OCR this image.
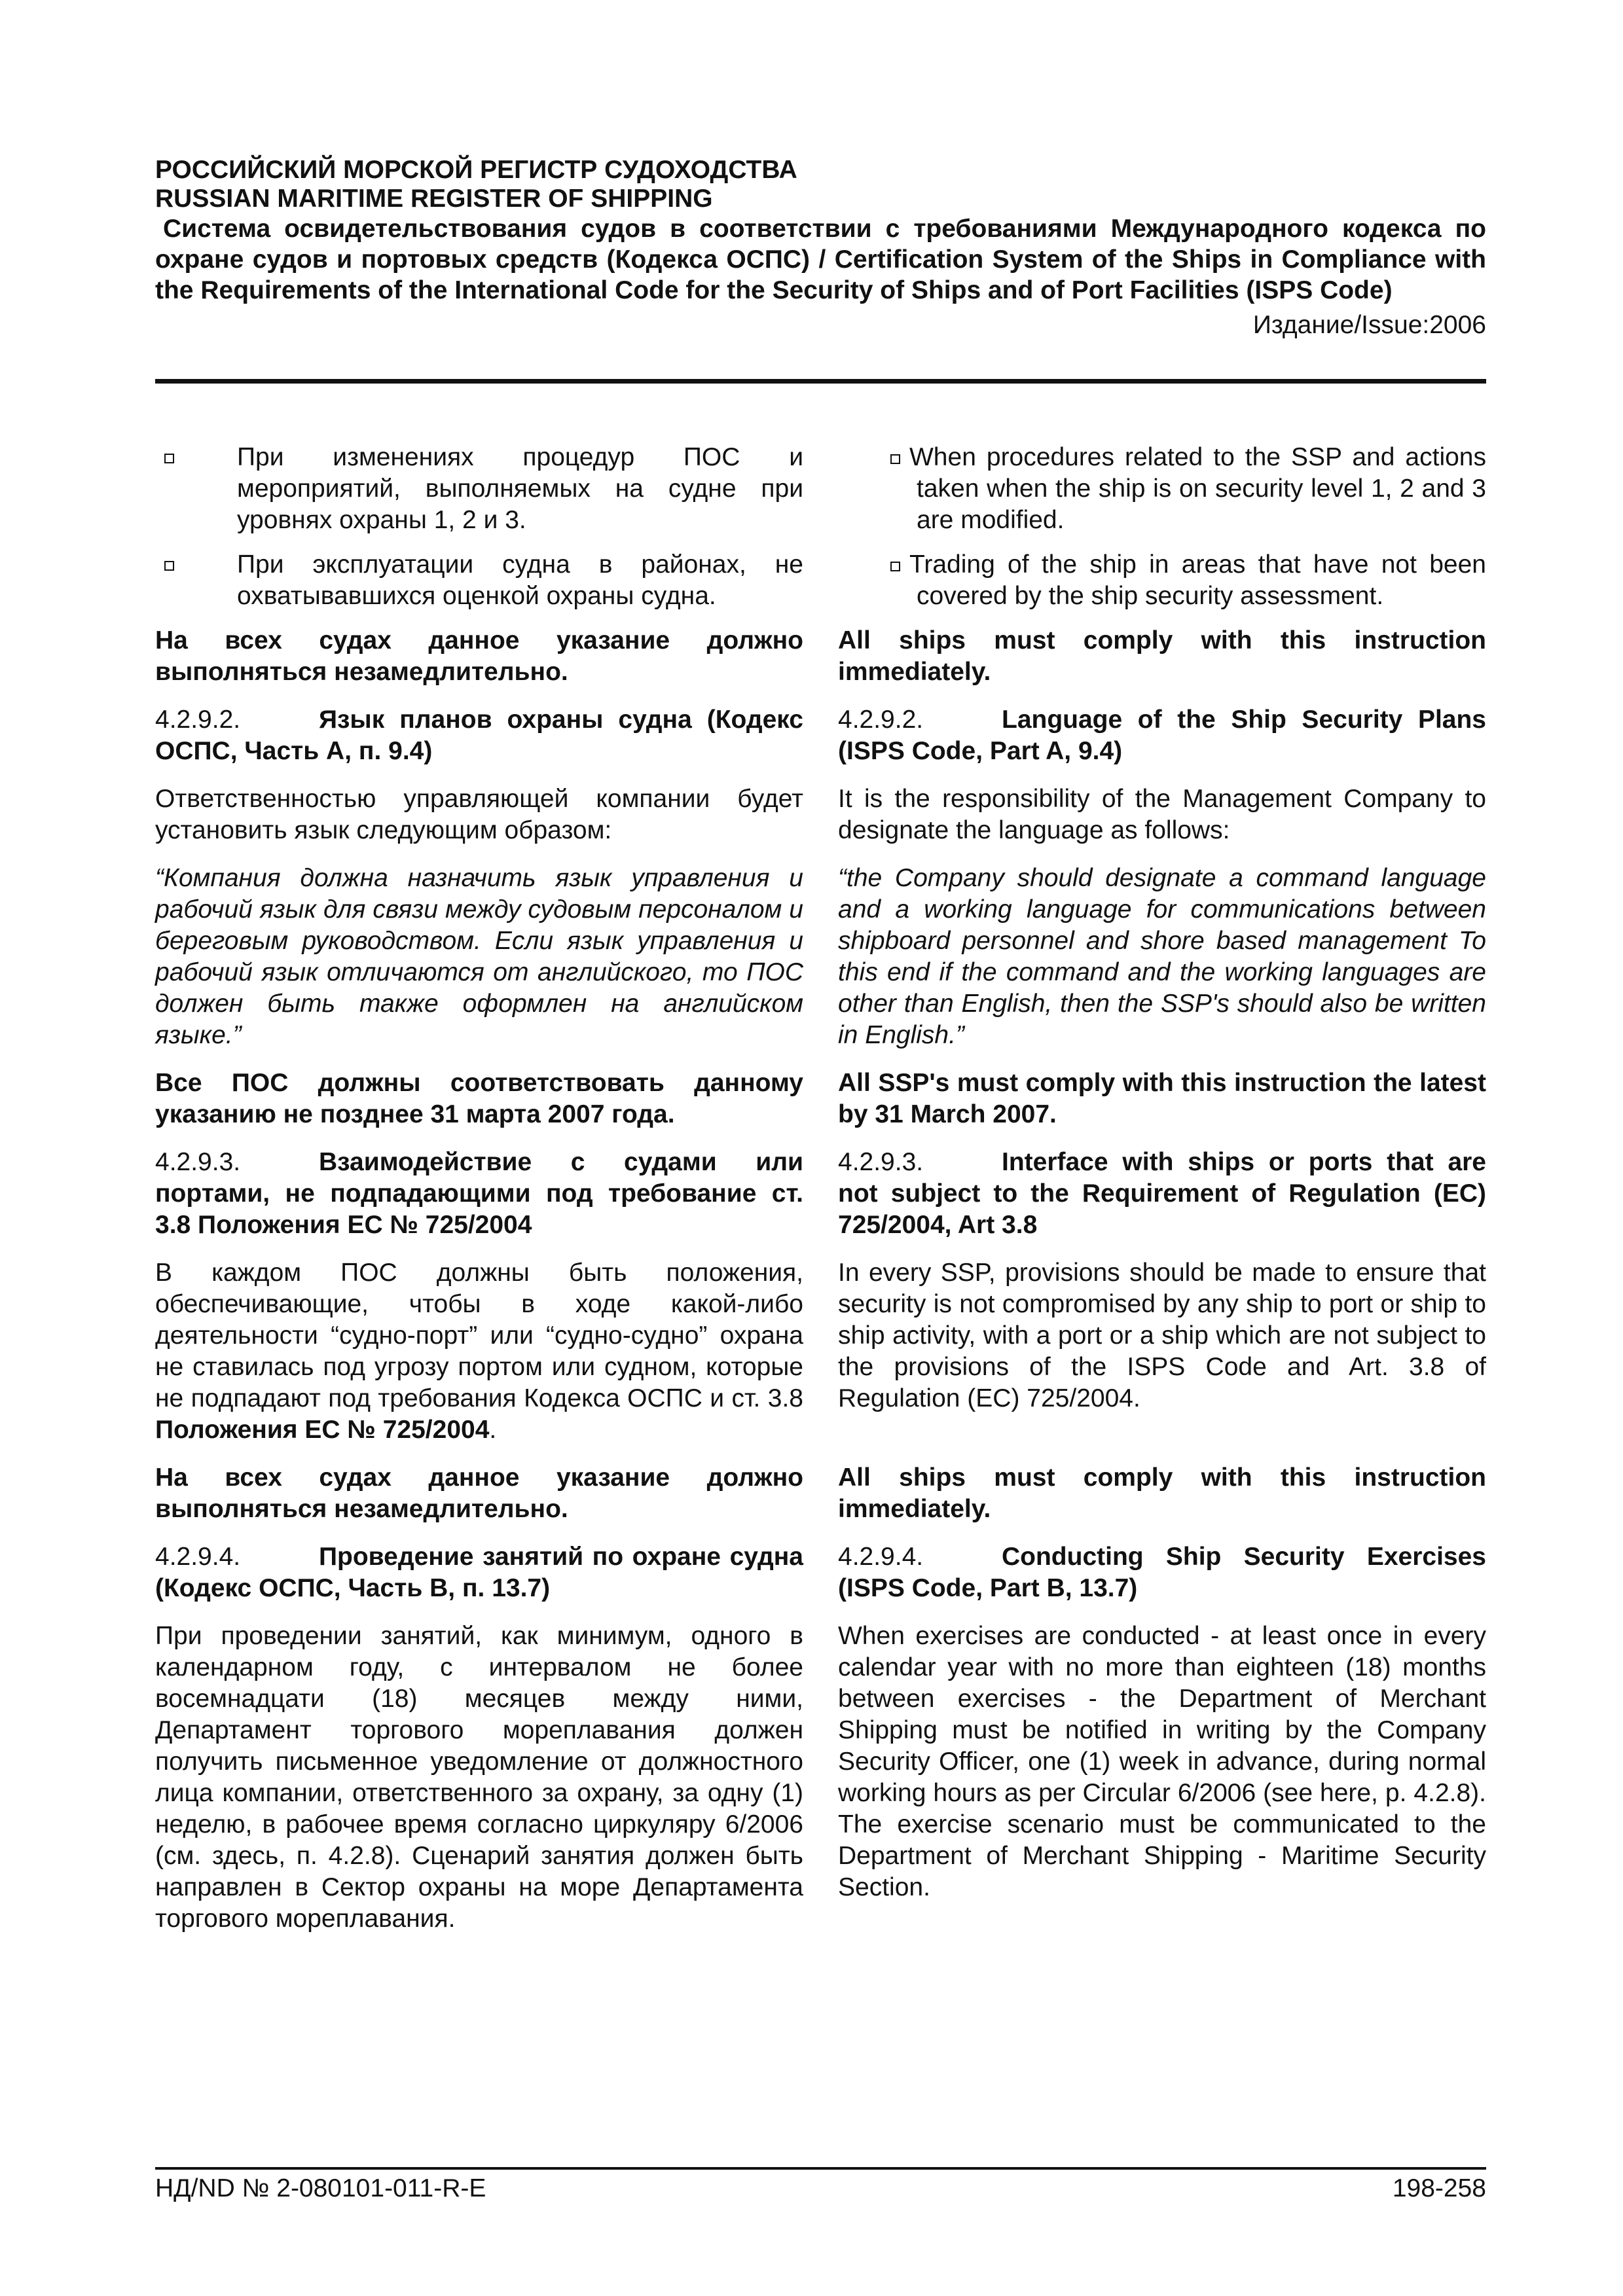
РОССИЙСКИЙ МОРСКОЙ РЕГИСТР СУДОХОДСТВА
RUSSIAN MARITIME REGISTER OF SHIPPING
Система освидетельствования судов в соответствии с требованиями Международного кодекса по охране судов и портовых средств (Кодекса ОСПС) / Certification System of the Ships in Compliance with the Requirements of the International Code for the Security of Ships and of Port Facilities (ISPS Code)
Издание/Issue:2006

При изменениях процедур ПОС и мероприятий, выполняемых на судне при уровнях охраны 1, 2 и 3.

При эксплуатации судна в районах, не охватывавшихся оценкой охраны судна.

На всех судах данное указание должно выполняться незамедлительно.
4.2.9.2.	Язык планов охраны судна (Кодекс ОСПС, Часть А, п. 9.4)
Ответственностью управляющей компании будет установить язык следующим образом:
“Компания должна назначить язык управления и рабочий язык для связи между судовым персоналом и береговым руководством. Если язык управления и рабочий язык отличаются от английского, то ПОС должен быть также оформлен на английском языке.”
Все ПОС должны соответствовать данному указанию не позднее 31 марта 2007 года.
4.2.9.3.	Взаимодействие с судами или портами, не подпадающими под требование ст. 3.8 Положения ЕС № 725/2004
В каждом ПОС должны быть положения, обеспечивающие, чтобы в ходе какой-либо деятельности “судно-порт” или “судно-судно” охрана не ставилась под угрозу портом или судном, которые не подпадают под требования Кодекса ОСПС и ст. 3.8 Положения ЕС № 725/2004.
На всех судах данное указание должно выполняться незамедлительно.
4.2.9.4.	Проведение занятий по охране судна (Кодекс ОСПС, Часть В, п. 13.7)
При проведении занятий, как минимум, одного в календарном году, с интервалом не более восемнадцати (18) месяцев между ними, Департамент торгового мореплавания должен получить письменное уведомление от должностного лица компании, ответственного за охрану, за одну (1) неделю, в рабочее время согласно циркуляру 6/2006 (см. здесь, п. 4.2.8). Сценарий занятия должен быть направлен в Сектор охраны на море Департамента торгового мореплавания.
When procedures related to the SSP and actions taken when the ship is on security level 1, 2 and 3 are modified.
Trading of the ship in areas that have not been covered by the ship security assessment.
All ships must comply with this instruction immediately.
4.2.9.2.	Language of the Ship Security Plans (ISPS Code, Part A, 9.4)
It is the responsibility of the Management Company to designate the language as follows:
“the Company should designate a command language and a working language for communications between shipboard personnel and shore based management To this end if the command and the working languages are other than English, then the SSP's should also be written in English.”
All SSP's must comply with this instruction the latest by 31 March 2007.
4.2.9.3.	Interface with ships or ports that are not subject to the Requirement of Regulation (EC) 725/2004, Art 3.8
In every SSP, provisions should be made to ensure that security is not compromised by any ship to port or ship to ship activity, with a port or a ship which are not subject to the provisions of the ISPS Code and Art. 3.8 of Regulation (EC) 725/2004.
All ships must comply with this instruction immediately.
4.2.9.4.	Conducting Ship Security Exercises (ISPS Code, Part B, 13.7)
When exercises are conducted - at least once in every calendar year with no more than eighteen (18) months between exercises - the Department of Merchant Shipping must be notified in writing by the Company Security Officer, one (1) week in advance, during normal working hours as per Circular 6/2006 (see here, p. 4.2.8). The exercise scenario must be communicated to the Department of Merchant Shipping - Maritime Security Section.
НД/ND № 2-080101-011-R-E	198-258
